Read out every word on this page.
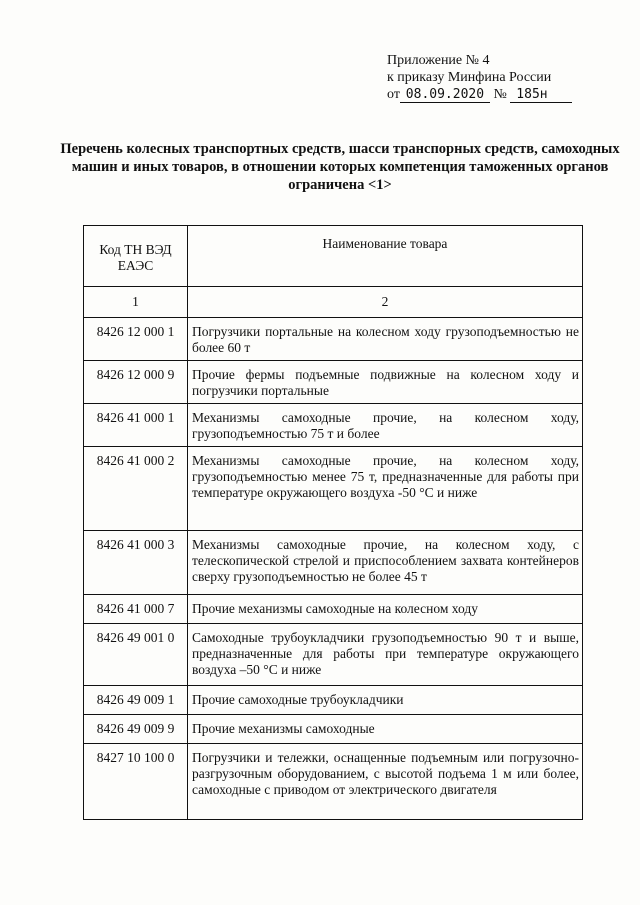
Приложение № 4
к приказу Минфина России
от 08.09.2020 № 185н
Перечень колесных транспортных средств, шасси транспорных средств, самоходных машин и иных товаров, в отношении которых компетенция таможенных органов ограничена <1>
Код ТН ВЭД ЕАЭС	Наименование товара
1	2
8426 12 000 1	Погрузчики портальные на колесном ходу грузоподъемностью не более 60 т
8426 12 000 9	Прочие фермы подъемные подвижные на колесном ходу и погрузчики портальные
8426 41 000 1	Механизмы самоходные прочие, на колесном ходу, грузоподъемностью 75 т и более
8426 41 000 2	Механизмы самоходные прочие, на колесном ходу, грузоподъемностью менее 75 т, предназначенные для работы при температуре окружающего воздуха -50 °С и ниже
8426 41 000 3	Механизмы самоходные прочие, на колесном ходу, с телескопической стрелой и приспособлением захвата контейнеров сверху грузоподъемностью не более 45 т
8426 41 000 7	Прочие механизмы самоходные на колесном ходу
8426 49 001 0	Самоходные трубоукладчики грузоподъемностью 90 т и выше, предназначенные для работы при температуре окружающего воздуха –50 °С и ниже
8426 49 009 1	Прочие самоходные трубоукладчики
8426 49 009 9	Прочие механизмы самоходные
8427 10 100 0	Погрузчики и тележки, оснащенные подъемным или погрузочно-разгрузочным оборудованием, с высотой подъема 1 м или более, самоходные с приводом от электрического двигателя
